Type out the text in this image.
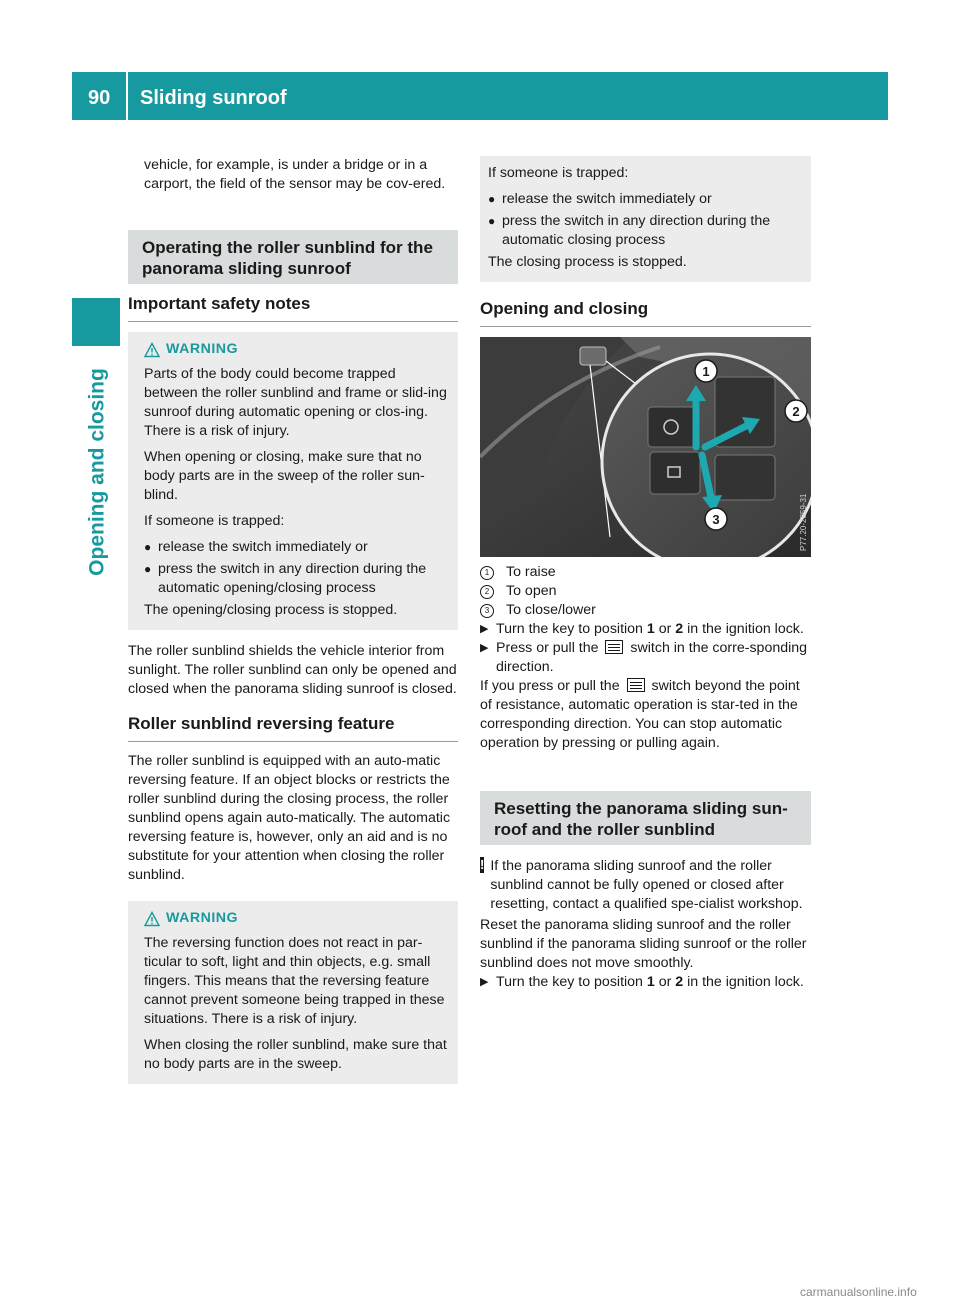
90 Sliding sunroof
Opening and closing

vehicle, for example, is under a bridge or in a carport, the field of the sensor may be cov-ered.

Operating the roller sunblind for the panorama sliding sunroof
Important safety notes
WARNING

Parts of the body could become trapped between the roller sunblind and frame or slid-ing sunroof during automatic opening or clos-ing. There is a risk of injury.

When opening or closing, make sure that no body parts are in the sweep of the roller sun-blind.

If someone is trapped:

● release the switch immediately or
● press the switch in any direction during the automatic opening/closing process

The opening/closing process is stopped.

The roller sunblind shields the vehicle interior from sunlight. The roller sunblind can only be opened and closed when the panorama sliding sunroof is closed.

Roller sunblind reversing feature

The roller sunblind is equipped with an auto-matic reversing feature. If an object blocks or restricts the roller sunblind during the closing process, the roller sunblind opens again auto-matically. The automatic reversing feature is, however, only an aid and is no substitute for your attention when closing the roller sunblind.

WARNING

The reversing function does not react in par-ticular to soft, light and thin objects, e.g. small fingers. This means that the reversing feature cannot prevent someone being trapped in these situations. There is a risk of injury.

When closing the roller sunblind, make sure that no body parts are in the sweep.

If someone is trapped:

● release the switch immediately or
● press the switch in any direction during the automatic closing process

The closing process is stopped.

Opening and closing
1
2
3	P77.20-2859-31
1	To raise
2	To open
3	To close/lower
▶ Turn the key to position 1 or 2 in the ignition lock.
▶ Press or pull the
switch in the corre-sponding direction.

If you press or pull the
switch beyond the point of resistance, automatic operation is star-ted in the corresponding direction. You can stop automatic operation by pressing or pulling again.

Resetting the panorama sliding sun-roof and the roller sunblind
! If the panorama sliding sunroof and the roller sunblind cannot be fully opened or closed after resetting, contact a qualified spe-cialist workshop.

Reset the panorama sliding sunroof and the roller sunblind if the panorama sliding sunroof or the roller sunblind does not move smoothly.

▶ Turn the key to position 1 or 2 in the ignition lock.
carmanualsonline.info
